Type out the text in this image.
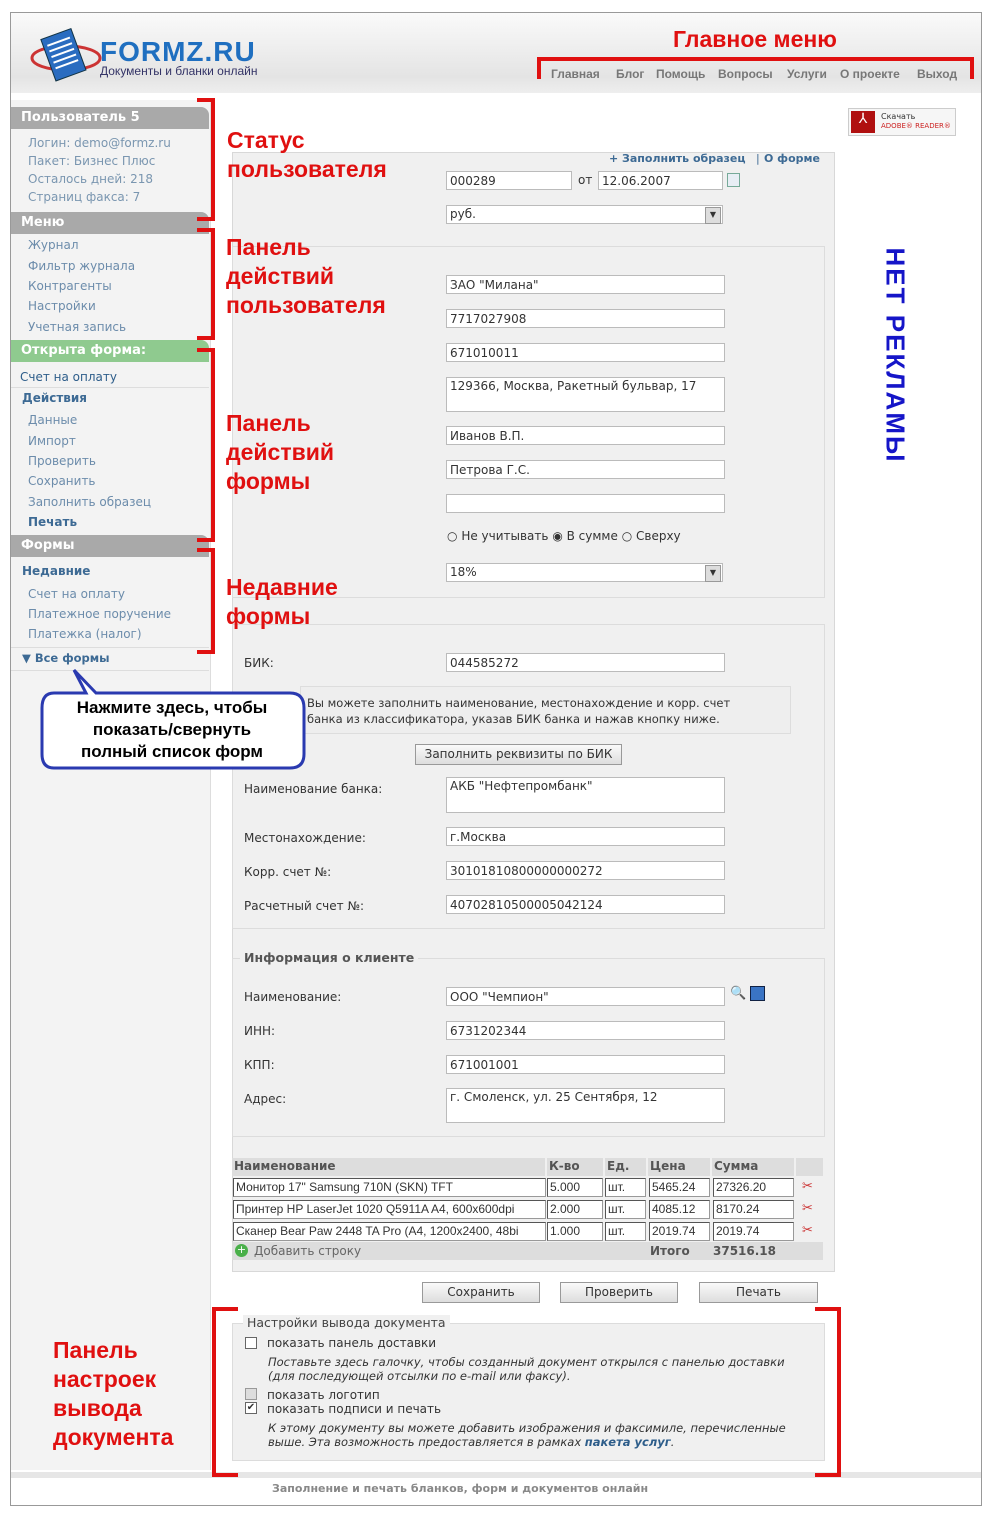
FORMZ.RU
Документы и бланки онлайн	Главная Блог Помощь Вопросы Услуги О проекте Выход
Пользователь 5
Логин: demo@formz.ru
Пакет: Бизнес Плюс
Осталось дней: 218
Страниц факса: 7
Меню
Журнал
Фильтр журнала
Контрагенты
Настройки
Учетная запись
Открыта форма:
Счет на оплату
Действия
Данные
Импорт
Проверить
Сохранить
Заполнить образец
Печать
Формы
Недавние
Счет на оплату
Платежное поручение
Платежка (налог)
▼ Все формы
⅄	Скачать
ADOBE® READER®
+ Заполнить образец | О форме
000289
от
12.06.2007
руб. ▼
ЗАО "Милана"
7717027908
671010011
129366, Москва, Ракетный бульвар, 17
Иванов В.П.
Петрова Г.С.
○ Не учитывать ◉ В сумме ○ Сверху
18% ▼
БИК:
044585272
Вы можете заполнить наименование, местонахождение и корр. счет
банка из классификатора, указав БИК банка и нажав кнопку ниже.
Заполнить реквизиты по БИК
Наименование банка:
АКБ "Нефтепромбанк"
Местонахождение:
г.Москва
Корр. счет №:
30101810800000000272
Расчетный счет №:
40702810500005042124
Информация о клиенте
Наименование:
ООО "Чемпион"	🔍
ИНН:
6731202344
КПП:
671001001
Адрес:
г. Смоленск, ул. 25 Сентября, 12
Наименование	К-во	Ед.	Цена	Сумма
Монитор 17" Samsung 710N (SKN) TFT	5.000	шт.	5465.24	27326.20	✂
Принтер HP LaserJet 1020 Q5911A A4, 600x600dpi	2.000	шт.	4085.12	8170.24	✂
Сканер Bear Paw 2448 TA Pro (A4, 1200x2400, 48bi	1.000	шт.	2019.74	2019.74	✂
+ Добавить строку	Итого 37516.18
Сохранить	Проверить	Печать
Настройки вывода документа
показать панель доставки
Поставьте здесь галочку, чтобы созданный документ открылся с панелью доставки
(для последующей отсылки по e-mail или факсу).
показать логотип
✔ показать подписи и печать
К этому документу вы можете добавить изображения и факсимиле, перечисленные
выше. Эта возможность предоставляется в рамках пакета услуг.
Заполнение и печать бланков, форм и документов онлайн
Главное меню
Статус
пользователя
Панель
действий
пользователя
Панель
действий
формы
Недавние
формы
Панель
настроек
вывода
документа
НЕТ РЕКЛАМЫ
Нажмите здесь, чтобы
показать/свернуть
полный список форм
